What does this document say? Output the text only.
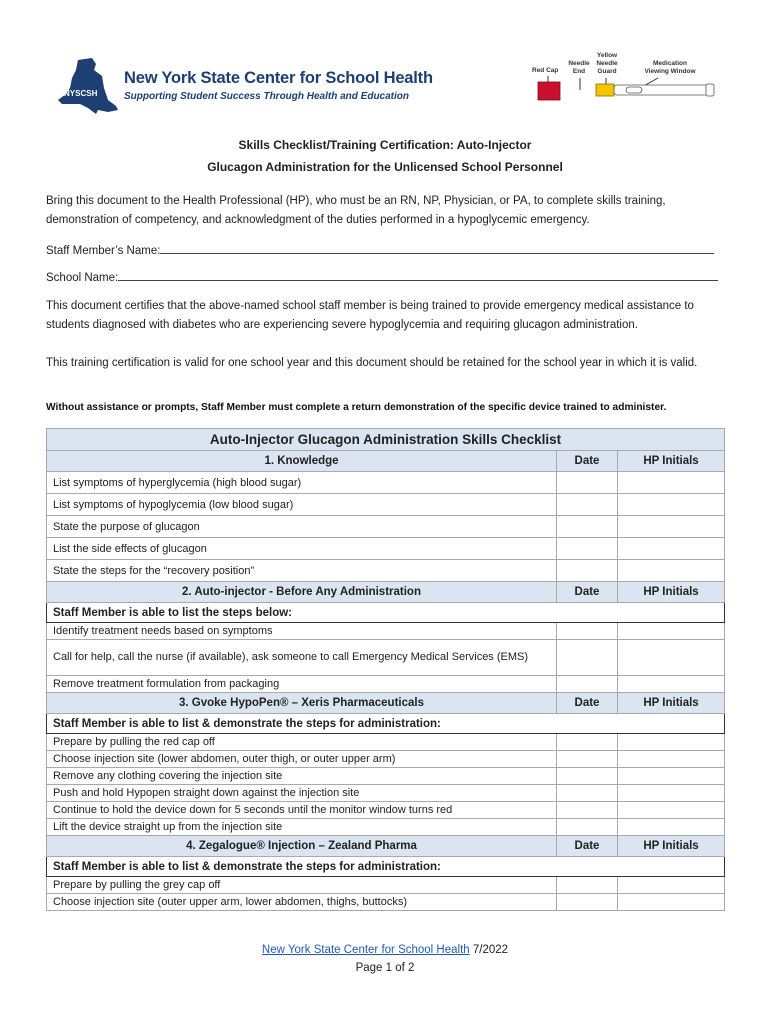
NYSCSH
New York State Center for School Health
Supporting Student Success Through Health and Education
Red Cap
Needle End
Yellow Needle Guard
Medication Viewing Window
Skills Checklist/Training Certification: Auto-Injector
Glucagon Administration for the Unlicensed School Personnel
Bring this document to the Health Professional (HP), who must be an RN, NP, Physician, or PA, to complete skills training, demonstration of competency, and acknowledgment of the duties performed in a hypoglycemic emergency.
Staff Member’s Name:
School Name:
This document certifies that the above-named school staff member is being trained to provide emergency medical assistance to students diagnosed with diabetes who are experiencing severe hypoglycemia and requiring glucagon administration.
This training certification is valid for one school year and this document should be retained for the school year in which it is valid.
Without assistance or prompts, Staff Member must complete a return demonstration of the specific device trained to administer.
Auto-Injector Glucagon Administration Skills Checklist		
1. Knowledge	Date	HP Initials
List symptoms of hyperglycemia (high blood sugar)		
List symptoms of hypoglycemia (low blood sugar)		
State the purpose of glucagon		
List the side effects of glucagon		
State the steps for the “recovery position”		
2. Auto-injector - Before Any Administration	Date	HP Initials
Staff Member is able to list the steps below:		
Identify treatment needs based on symptoms		
Call for help, call the nurse (if available), ask someone to call Emergency Medical Services (EMS)		
Remove treatment formulation from packaging		
3. Gvoke HypoPen® – Xeris Pharmaceuticals	Date	HP Initials
Staff Member is able to list & demonstrate the steps for administration:		
Prepare by pulling the red cap off		
Choose injection site (lower abdomen, outer thigh, or outer upper arm)		
Remove any clothing covering the injection site		
Push and hold Hypopen straight down against the injection site		
Continue to hold the device down for 5 seconds until the monitor window turns red		
Lift the device straight up from the injection site		
4. Zegalogue® Injection – Zealand Pharma	Date	HP Initials
Staff Member is able to list & demonstrate the steps for administration:		
Prepare by pulling the grey cap off		
Choose injection site (outer upper arm, lower abdomen, thighs, buttocks)		
New York State Center for School Health 7/2022
Page 1 of 2
